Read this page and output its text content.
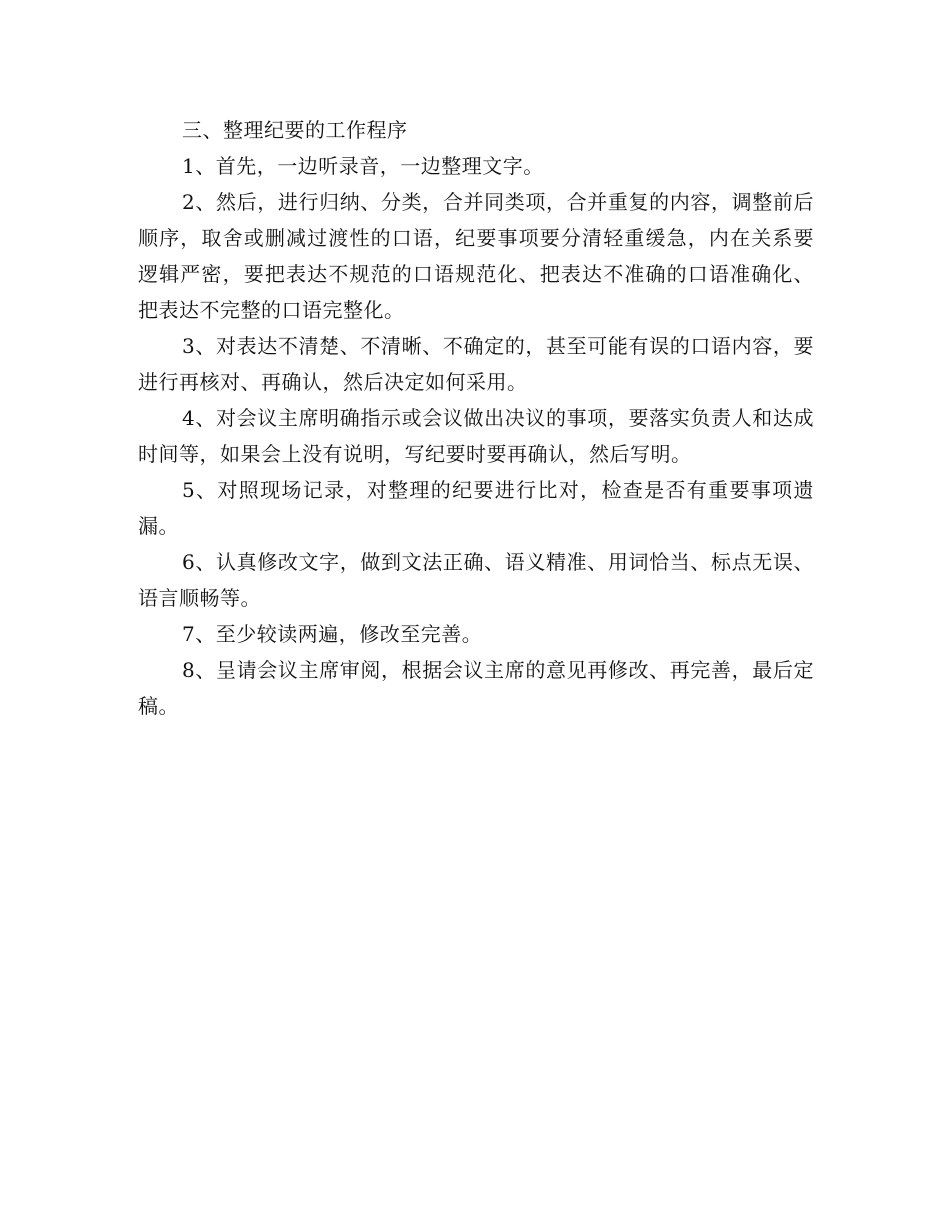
三、整理纪要的工作程序

1、首先，一边听录音，一边整理文字。

2、然后，进行归纳、分类，合并同类项，合并重复的内容，调整前后顺序，取舍或删减过渡性的口语，纪要事项要分清轻重缓急，内在关系要逻辑严密，要把表达不规范的口语规范化、把表达不准确的口语准确化、把表达不完整的口语完整化。

3、对表达不清楚、不清晰、不确定的，甚至可能有误的口语内容，要进行再核对、再确认，然后决定如何采用。

4、对会议主席明确指示或会议做出决议的事项，要落实负责人和达成时间等，如果会上没有说明，写纪要时要再确认，然后写明。

5、对照现场记录，对整理的纪要进行比对，检查是否有重要事项遗漏。

6、认真修改文字，做到文法正确、语义精准、用词恰当、标点无误、语言顺畅等。

7、至少较读两遍，修改至完善。

8、呈请会议主席审阅，根据会议主席的意见再修改、再完善，最后定稿。
